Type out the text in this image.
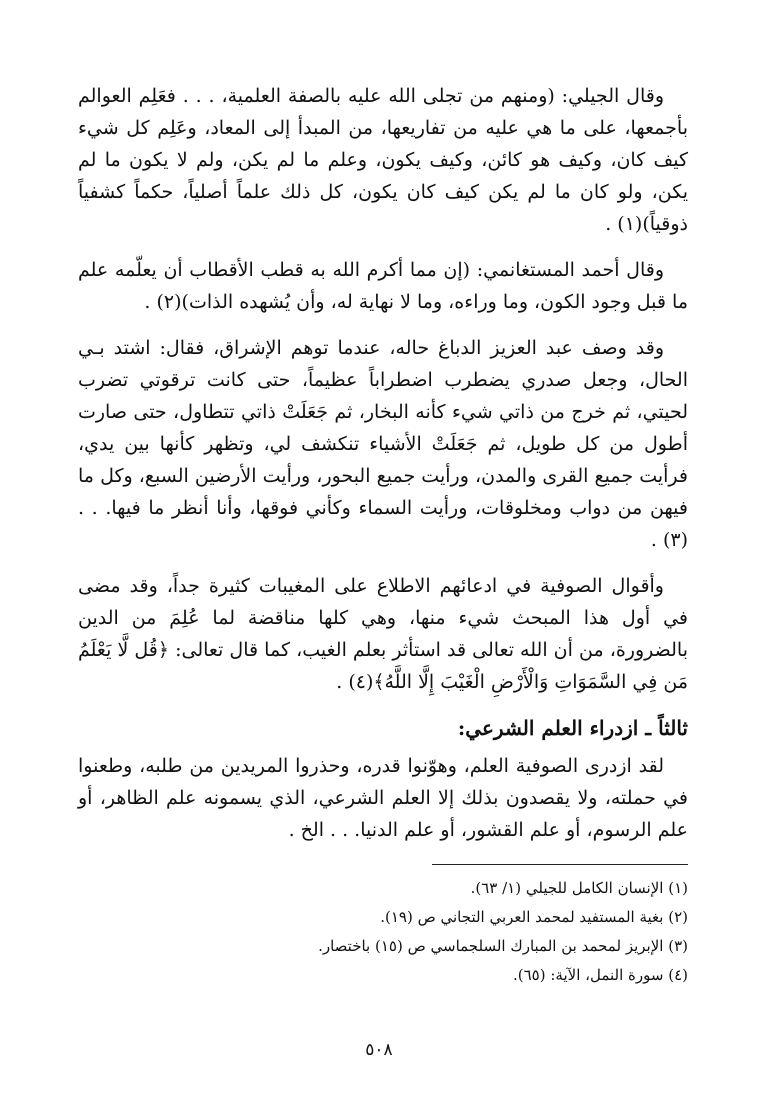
وقال الجيلي: (ومنهم من تجلى الله عليه بالصفة العلمية، . . . فعَلِم العوالم بأجمعها، على ما هي عليه من تفاريعها، من المبدأ إلى المعاد، وعَلِم كل شيء كيف كان، وكيف هو كائن، وكيف يكون، وعلم ما لم يكن، ولم لا يكون ما لم يكن، ولو كان ما لم يكن كيف كان يكون، كل ذلك علماً أصلياً، حكماً كشفياً ذوقياً)(١) .

وقال أحمد المستغانمي: (إن مما أكرم الله به قطب الأقطاب أن يعلّمه علم ما قبل وجود الكون، وما وراءه، وما لا نهاية له، وأن يُشهده الذات)(٢) .

وقد وصف عبد العزيز الدباغ حاله، عندما توهم الإشراق، فقال: اشتد بـي الحال، وجعل صدري يضطرب اضطراباً عظيماً، حتى كانت ترقوتي تضرب لحيتي، ثم خرج من ذاتي شيء كأنه البخار، ثم جَعَلَتْ ذاتي تتطاول، حتى صارت أطول من كل طويل، ثم جَعَلَتْ الأشياء تنكشف لي، وتظهر كأنها بين يدي، فرأيت جميع القرى والمدن، ورأيت جميع البحور، ورأيت الأرضين السبع، وكل ما فيهن من دواب ومخلوقات، ورأيت السماء وكأني فوقها، وأنا أنظر ما فيها. . . (٣) .

وأقوال الصوفية في ادعائهم الاطلاع على المغيبات كثيرة جداً، وقد مضى في أول هذا المبحث شيء منها، وهي كلها مناقضة لما عُلِمَ من الدين بالضرورة، من أن الله تعالى قد استأثر بعلم الغيب، كما قال تعالى: ﴿قُل لَّا يَعْلَمُ مَن فِي السَّمَوَاتِ وَالْأَرْضِ الْغَيْبَ إِلَّا اللَّهُ﴾(٤) .

ثالثاً ـ ازدراء العلم الشرعي:

لقد ازدرى الصوفية العلم، وهوّنوا قدره، وحذروا المريدين من طلبه، وطعنوا في حملته، ولا يقصدون بذلك إلا العلم الشرعي، الذي يسمونه علم الظاهر، أو علم الرسوم، أو علم القشور، أو علم الدنيا. . . الخ .

(١) الإنسان الكامل للجيلي (١/ ٦٣).

(٢) بغية المستفيد لمحمد العربي التجاني ص (١٩).

(٣) الإبريز لمحمد بن المبارك السلجماسي ص (١٥) باختصار.

(٤) سورة النمل، الآية: (٦٥).

٥٠٨
